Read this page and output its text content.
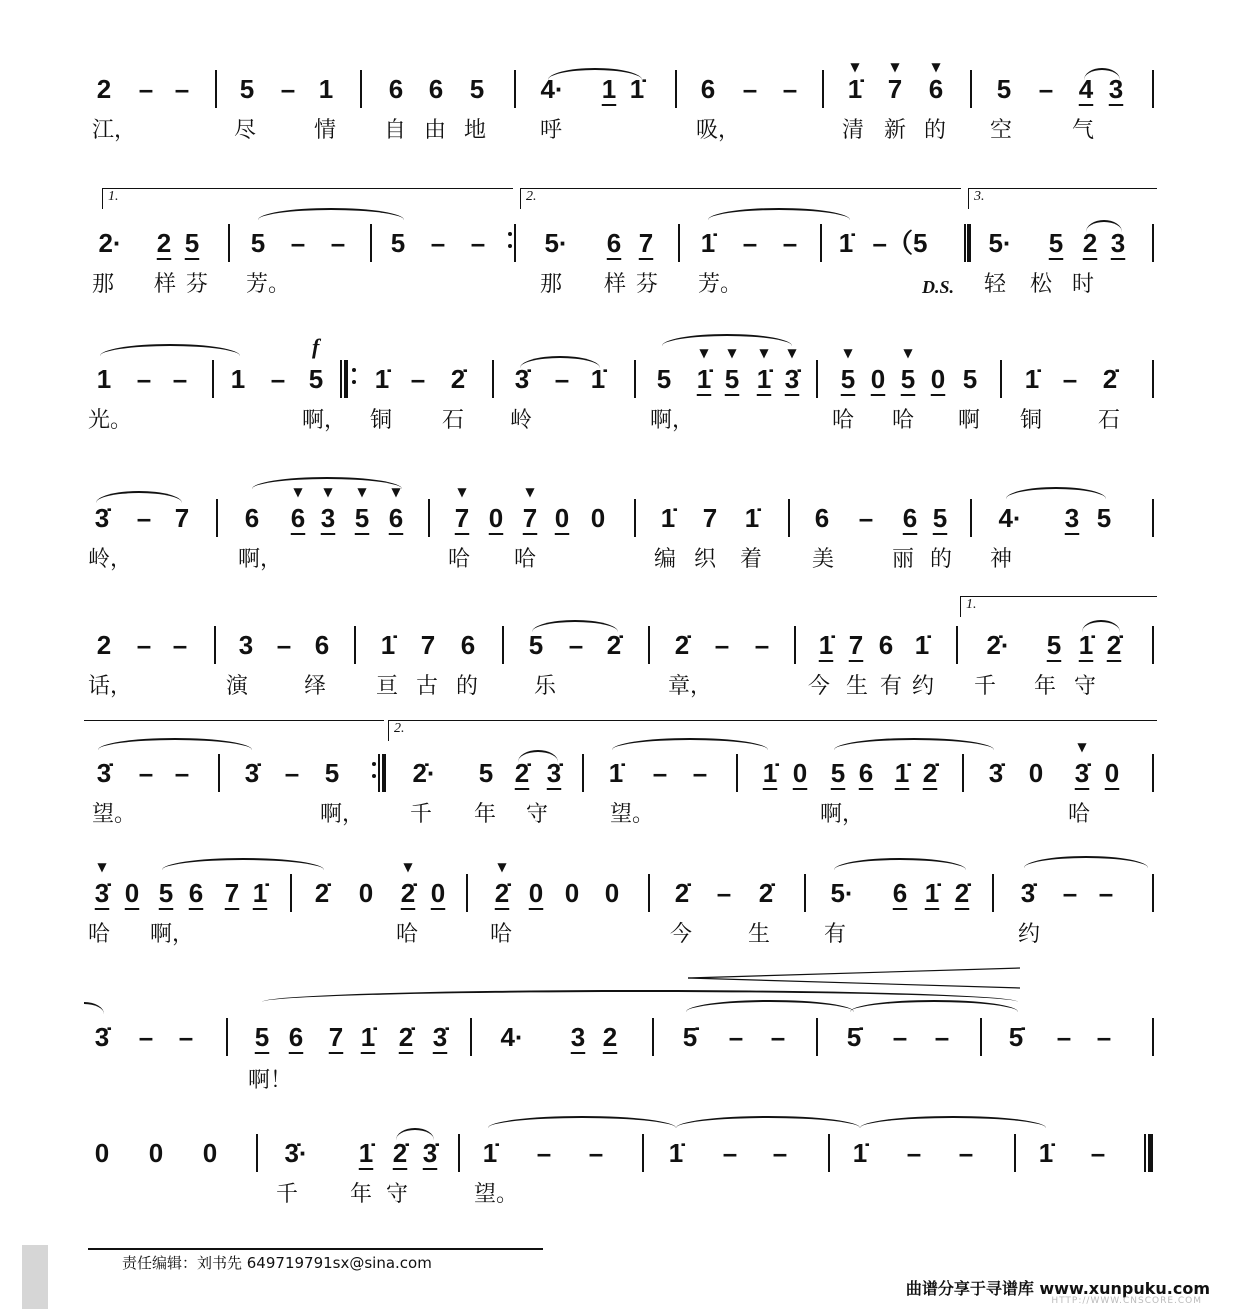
2 – – 5 – 1 6 6 5 4· 1 1̇ 6 – – 1̇ 7 6 5 – 4 3
▼	▼	▼
江，	尽	情 自 由 地 呼	吸，	清 新 的 空	气
1.	2.	3.
2· 2 5 5 – – 5 – – 5· 6 7 1̇ – – 1̇ –（5 5· 5 2 3
那 样 芬 芳。	那 样 芬 芳。	D.S. 轻 松 时
1 – – 1 – 5 1̇ – 2̇ 3̇ – 1̇ 5 1̇ 5 1̇ 3̇ 5 0 5 0 5 1̇ – 2̇
▼ ▼ ▼ ▼	▼	▼
f
光。	啊， 铜 石 岭	啊，	哈 哈 啊 铜	石
3̇ – 7 6 6 3 5 6 7 0 7 0 0 1̇ 7 1̇ 6 – 6 5 4· 3 5
▼ ▼ ▼ ▼	▼	▼
岭，	啊，	哈 哈	编 织 着 美	丽 的 神
1.
2 – – 3 – 6 1̇ 7 6 5 – 2̇ 2̇ – – 1̇ 7 6 1̇ 2̇· 5 1̇ 2̇
话，	演	绎 亘 古 的	乐	章，	今 生 有 约 千 年 守
2.
3̇ – – 3̇ – 5	2̇· 5 2̇ 3̇ 1̇ – – 1̇ 0 5 6 1̇ 2̇ 3̇ 0 3̇ 0
▼
望。	啊， 千 年 守	望。	啊，	哈
3̇ 0 5 6 7 1̇ 2̇ 0 2̇ 0 2̇ 0 0 0 2̇ – 2̇ 5· 6 1̇ 2̇ 3̇ – –
▼	▼	▼
哈 啊，	哈	哈	今	生 有	约
3̇ – – 5 6 7 1̇ 2̇ 3̇ 4· 3 2	5̇ – – 5̇ – – 5̇ – –
啊！
0 0 0	3̇· 1̇ 2̇ 3̇ 1̇ – –	1̇ – –	1̇ – –	1̇ –
千 年 守	望。
责任编辑：刘书先 649719791sx@sina.com
曲谱分享于寻谱库 www.xunpuku.com
HTTP://WWW.CNSCORE.COM
